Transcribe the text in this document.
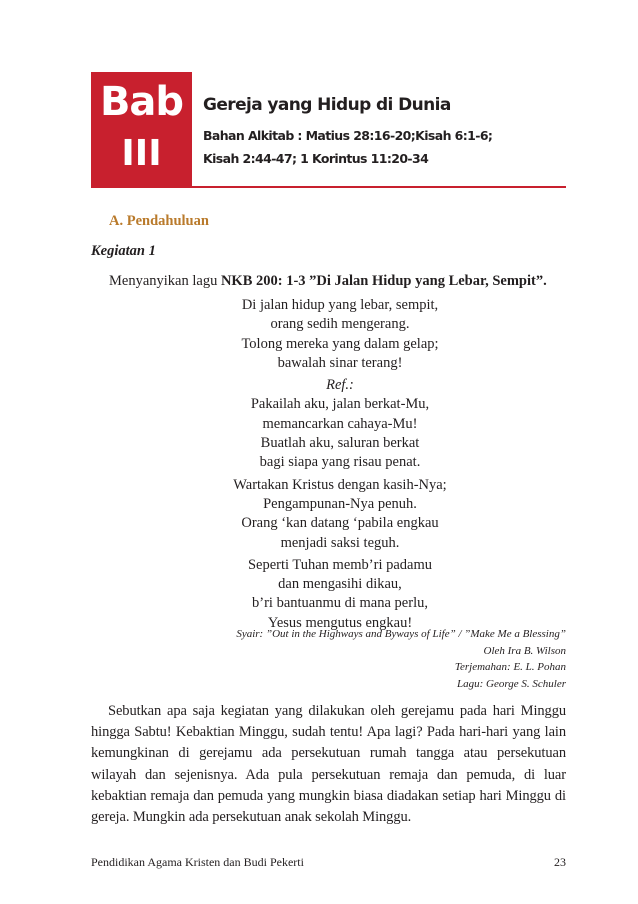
Bab
III
Gereja yang Hidup di Dunia
Bahan Alkitab : Matius 28:16-20;Kisah 6:1-6;
Kisah 2:44-47; 1 Korintus 11:20-34
A. Pendahuluan
Kegiatan 1
Menyanyikan lagu NKB 200: 1-3 ”Di Jalan Hidup yang Lebar, Sempit”.
Di jalan hidup yang lebar, sempit,
orang sedih mengerang.
Tolong mereka yang dalam gelap;
bawalah sinar terang!
Ref.:
Pakailah aku, jalan berkat-Mu,
memancarkan cahaya-Mu!
Buatlah aku, saluran berkat
bagi siapa yang risau penat.
Wartakan Kristus dengan kasih-Nya;
Pengampunan-Nya penuh.
Orang ‘kan datang ‘pabila engkau
menjadi saksi teguh.
Seperti Tuhan memb’ri padamu
dan mengasihi dikau,
b’ri bantuanmu di mana perlu,
Yesus mengutus engkau!
Syair: ”Out in the Highways and Byways of Life” / ”Make Me a Blessing”
Oleh Ira B. Wilson
Terjemahan: E. L. Pohan
Lagu: George S. Schuler
Sebutkan apa saja kegiatan yang dilakukan oleh gerejamu pada hari Minggu hingga Sabtu! Kebaktian Minggu, sudah tentu! Apa lagi? Pada hari-hari yang lain kemungkinan di gerejamu ada persekutuan rumah tangga atau persekutuan wilayah dan sejenisnya. Ada pula persekutuan remaja dan pemuda, di luar kebaktian remaja dan pemuda yang mungkin biasa diadakan setiap hari Minggu di gereja. Mungkin ada persekutuan anak sekolah Minggu.
Pendidikan Agama Kristen dan Budi Pekerti	23
